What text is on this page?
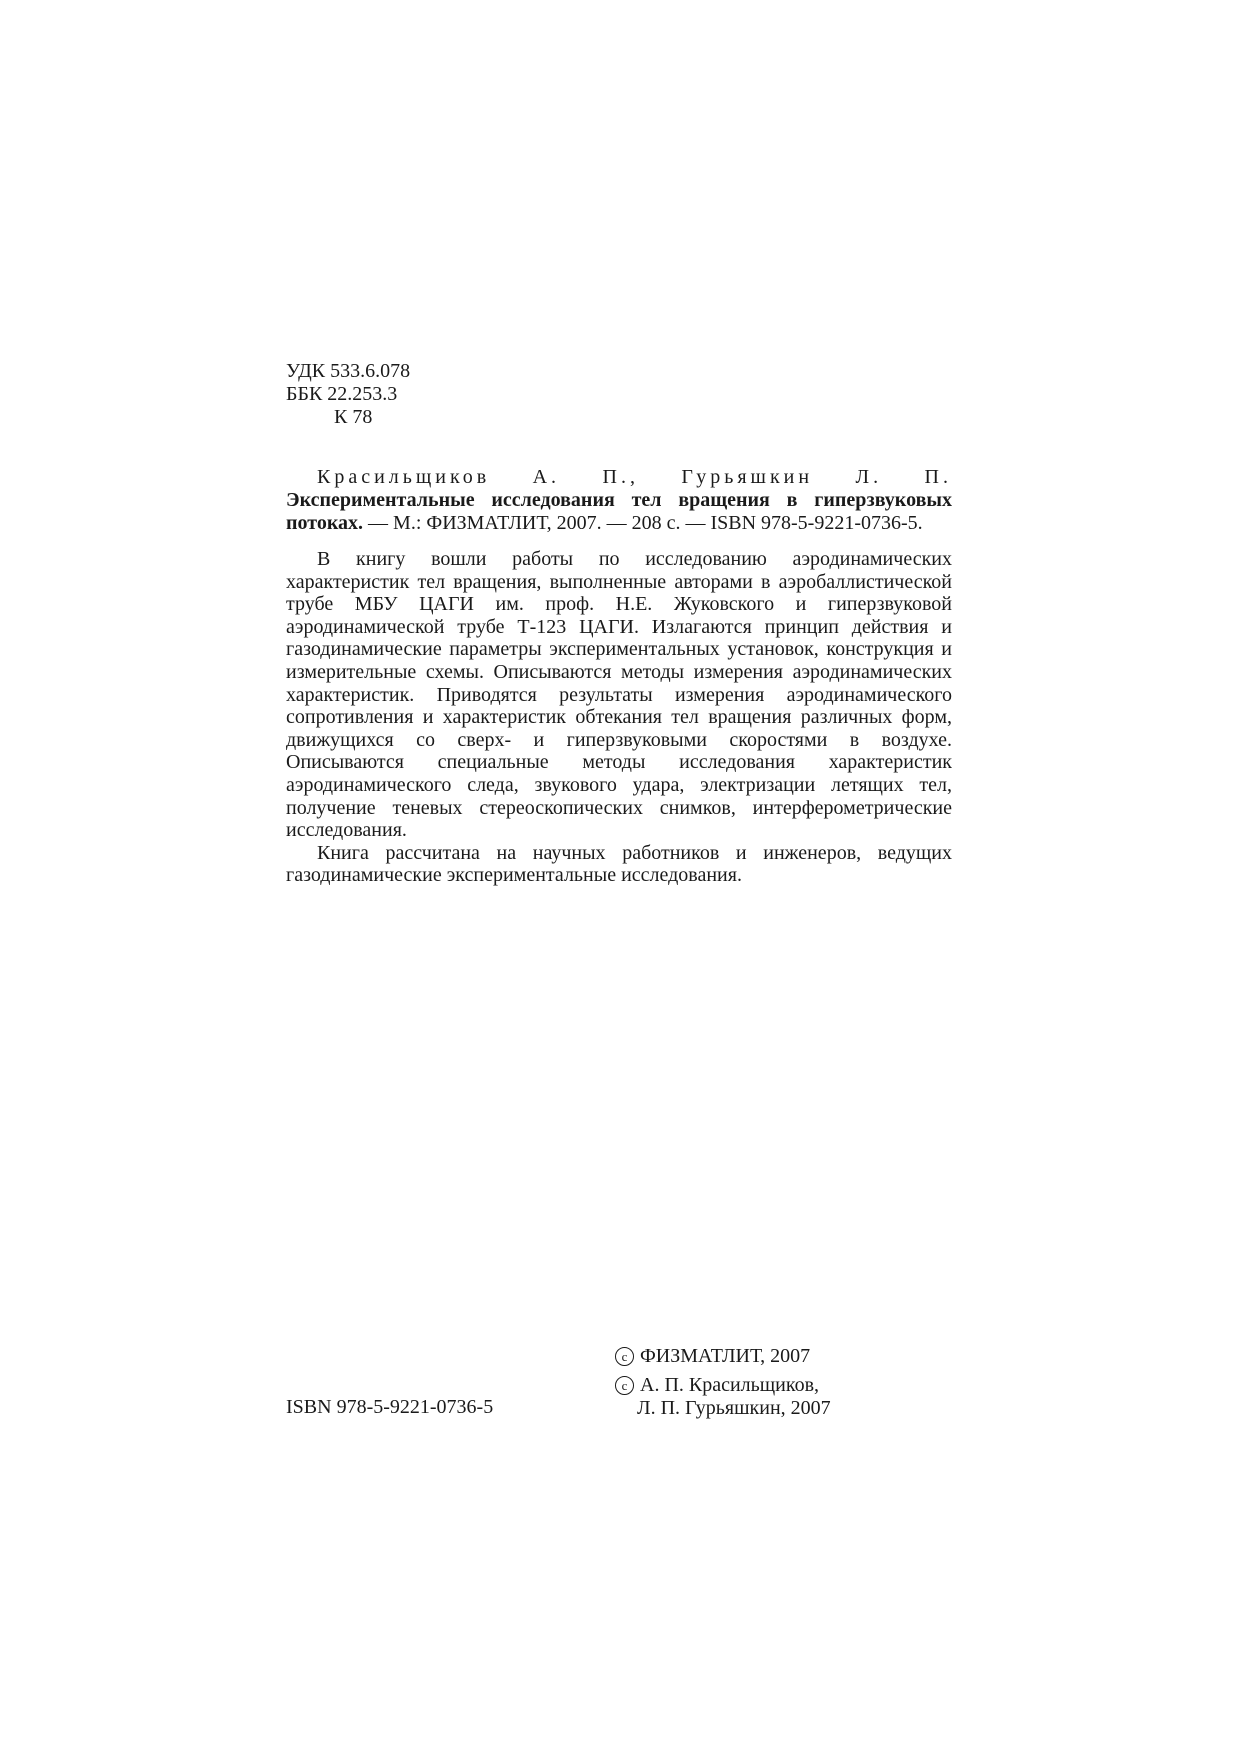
УДК 533.6.078
ББК 22.253.3
К 78
Красильщиков А. П., Гурьяшкин Л. П. Экспериментальные исследования тел вращения в гиперзвуковых потоках. — М.: ФИЗМАТЛИТ, 2007. — 208 с. — ISBN 978-5-9221-0736-5.

В книгу вошли работы по исследованию аэродинамических характеристик тел вращения, выполненные авторами в аэробаллистической трубе МБУ ЦАГИ им. проф. Н.Е. Жуковского и гиперзвуковой аэродинамической трубе Т-123 ЦАГИ. Излагаются принцип действия и газодинамические параметры экспериментальных установок, конструкция и измерительные схемы. Описываются методы измерения аэродинамических характеристик. Приводятся результаты измерения аэродинамического сопротивления и характеристик обтекания тел вращения различных форм, движущихся со сверх- и гиперзвуковыми скоростями в воздухе. Описываются специальные методы исследования характеристик аэродинамического следа, звукового удара, электризации летящих тел, получение теневых стереоскопических снимков, интерферометрические исследования.

Книга рассчитана на научных работников и инженеров, ведущих газодинамические экспериментальные исследования.

c ФИЗМАТЛИТ, 2007
c А. П. Красильщиков,
Л. П. Гурьяшкин, 2007
ISBN 978-5-9221-0736-5
